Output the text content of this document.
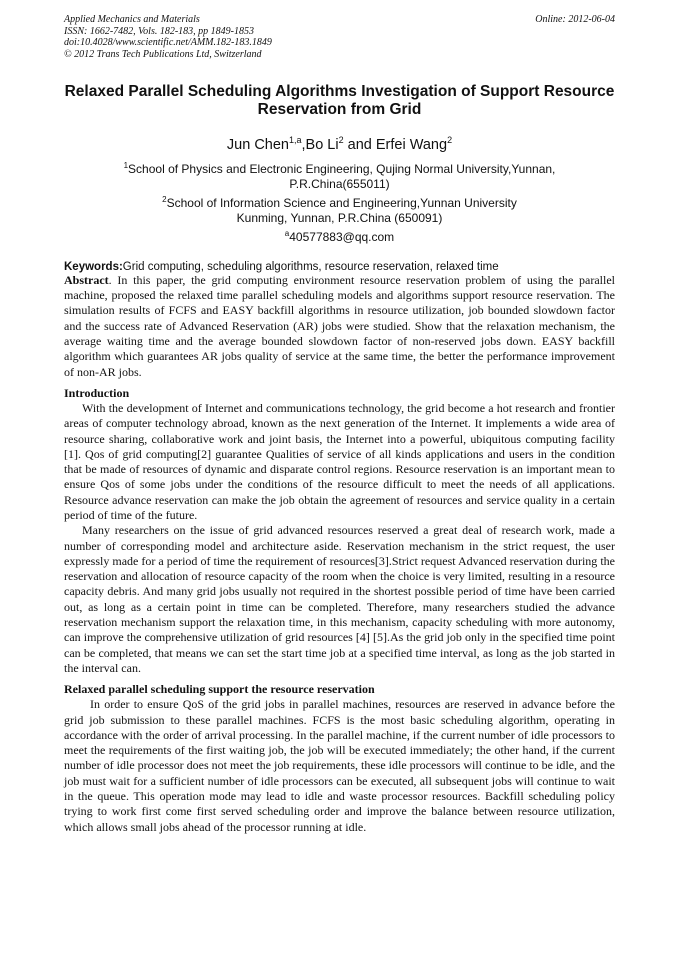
Applied Mechanics and Materials
ISSN: 1662-7482, Vols. 182-183, pp 1849-1853
doi:10.4028/www.scientific.net/AMM.182-183.1849
© 2012 Trans Tech Publications Ltd, Switzerland
Online: 2012-06-04
Relaxed Parallel Scheduling Algorithms Investigation of Support Resource Reservation from Grid
Jun Chen$^{1,a}$,Bo Li$^2$ and Erfei Wang$^2$
$^1$School of Physics and Electronic Engineering, Qujing Normal University,Yunnan,
P.R.China(655011)
$^2$School of Information Science and Engineering,Yunnan University
Kunming, Yunnan, P.R.China (650091)
$^a$40577883@qq.com
Keywords:Grid computing, scheduling algorithms, resource reservation, relaxed time

Abstract. In this paper, the grid computing environment resource reservation problem of using the parallel machine, proposed the relaxed time parallel scheduling models and algorithms support resource reservation. The simulation results of FCFS and EASY backfill algorithms in resource utilization, job bounded slowdown factor and the success rate of Advanced Reservation (AR) jobs were studied. Show that the relaxation mechanism, the average waiting time and the average bounded slowdown factor of non-reserved jobs down. EASY backfill algorithm which guarantees AR jobs quality of service at the same time, the better the performance improvement of non-AR jobs.

Introduction

With the development of Internet and communications technology, the grid become a hot research and frontier areas of computer technology abroad, known as the next generation of the Internet. It implements a wide area of resource sharing, collaborative work and joint basis, the Internet into a powerful, ubiquitous computing facility [1]. Qos of grid computing[2] guarantee Qualities of service of all kinds applications and users in the condition that be made of resources of dynamic and disparate control regions. Resource reservation is an important mean to ensure Qos of some jobs under the conditions of the resource difficult to meet the needs of all applications. Resource advance reservation can make the job obtain the agreement of resources and service quality in a certain period of time of the future.

Many researchers on the issue of grid advanced resources reserved a great deal of research work, made a number of corresponding model and architecture aside. Reservation mechanism in the strict request, the user expressly made for a period of time the requirement of resources[3].Strict request Advanced reservation during the reservation and allocation of resource capacity of the room when the choice is very limited, resulting in a resource capacity debris. And many grid jobs usually not required in the shortest possible period of time have been carried out, as long as a certain point in time can be completed. Therefore, many researchers studied the advance reservation mechanism support the relaxation time, in this mechanism, capacity scheduling with more autonomy, can improve the comprehensive utilization of grid resources [4] [5].As the grid job only in the specified time point can be completed, that means we can set the start time job at a specified time interval, as long as the job started in the interval can.

Relaxed parallel scheduling support the resource reservation

In order to ensure QoS of the grid jobs in parallel machines, resources are reserved in advance before the grid job submission to these parallel machines. FCFS is the most basic scheduling algorithm, operating in accordance with the order of arrival processing. In the parallel machine, if the current number of idle processors to meet the requirements of the first waiting job, the job will be executed immediately; the other hand, if the current number of idle processor does not meet the job requirements, these idle processors will continue to be idle, and the job must wait for a sufficient number of idle processors can be executed, all subsequent jobs will continue to wait in the queue. This operation mode may lead to idle and waste processor resources. Backfill scheduling policy trying to work first come first served scheduling order and improve the balance between resource utilization, which allows small jobs ahead of the processor running at idle.
